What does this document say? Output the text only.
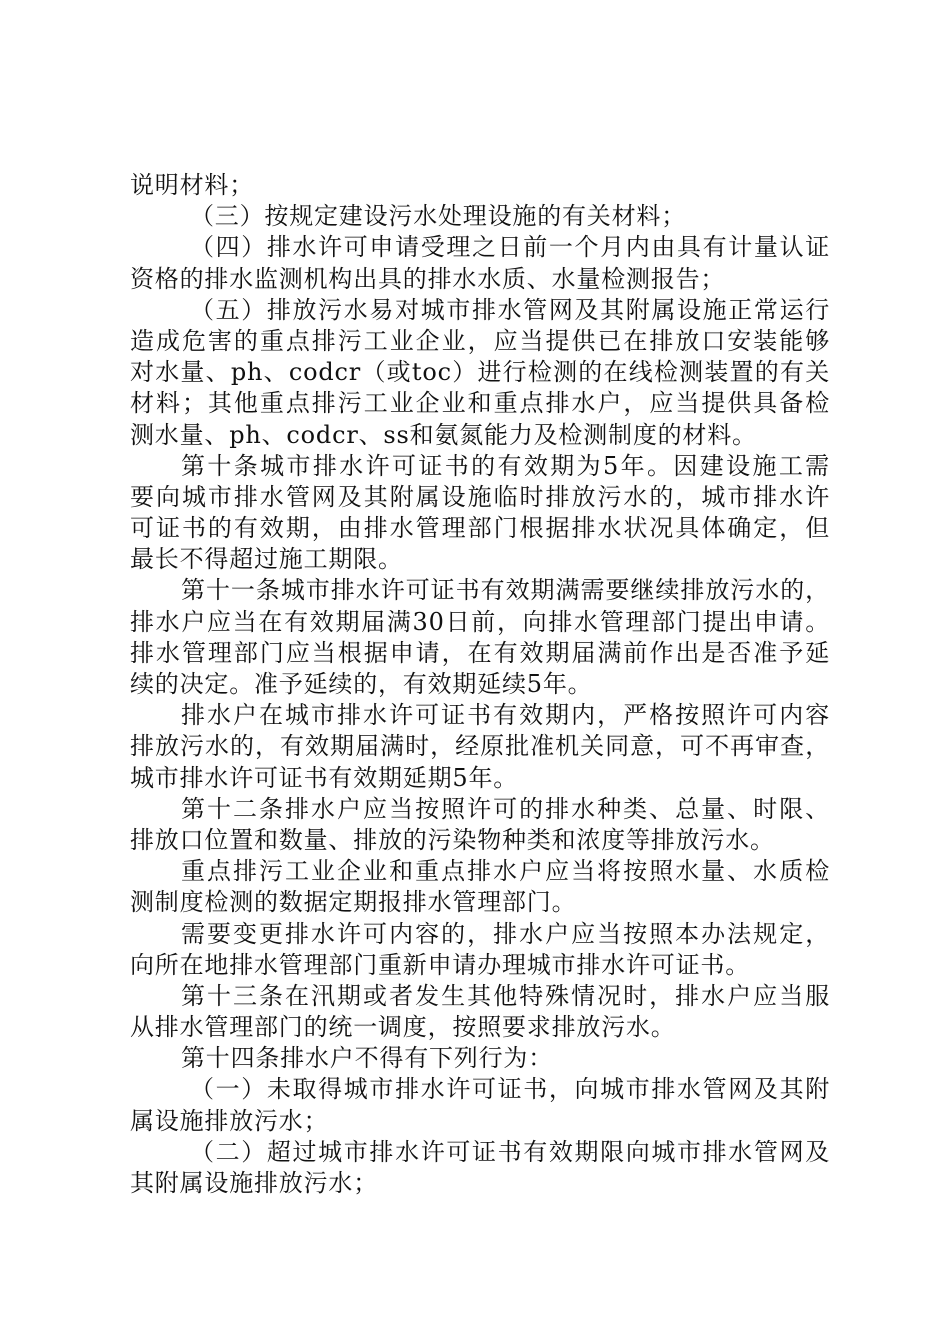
说明材料；
（三）按规定建设污水处理设施的有关材料；
（四）排水许可申请受理之日前一个月内由具有计量认证
资格的排水监测机构出具的排水水质、水量检测报告；
（五）排放污水易对城市排水管网及其附属设施正常运行
造成危害的重点排污工业企业，应当提供已在排放口安装能够
对水量、ph、codcr（或toc）进行检测的在线检测装置的有关
材料；其他重点排污工业企业和重点排水户，应当提供具备检
测水量、ph、codcr、ss和氨氮能力及检测制度的材料。
第十条城市排水许可证书的有效期为5年。因建设施工需
要向城市排水管网及其附属设施临时排放污水的，城市排水许
可证书的有效期，由排水管理部门根据排水状况具体确定，但
最长不得超过施工期限。
第十一条城市排水许可证书有效期满需要继续排放污水的，
排水户应当在有效期届满30日前，向排水管理部门提出申请。
排水管理部门应当根据申请，在有效期届满前作出是否准予延
续的决定。准予延续的，有效期延续5年。
排水户在城市排水许可证书有效期内，严格按照许可内容
排放污水的，有效期届满时，经原批准机关同意，可不再审查，
城市排水许可证书有效期延期5年。
第十二条排水户应当按照许可的排水种类、总量、时限、
排放口位置和数量、排放的污染物种类和浓度等排放污水。
重点排污工业企业和重点排水户应当将按照水量、水质检
测制度检测的数据定期报排水管理部门。
需要变更排水许可内容的，排水户应当按照本办法规定，
向所在地排水管理部门重新申请办理城市排水许可证书。
第十三条在汛期或者发生其他特殊情况时，排水户应当服
从排水管理部门的统一调度，按照要求排放污水。
第十四条排水户不得有下列行为：
（一）未取得城市排水许可证书，向城市排水管网及其附
属设施排放污水；
（二）超过城市排水许可证书有效期限向城市排水管网及
其附属设施排放污水；
